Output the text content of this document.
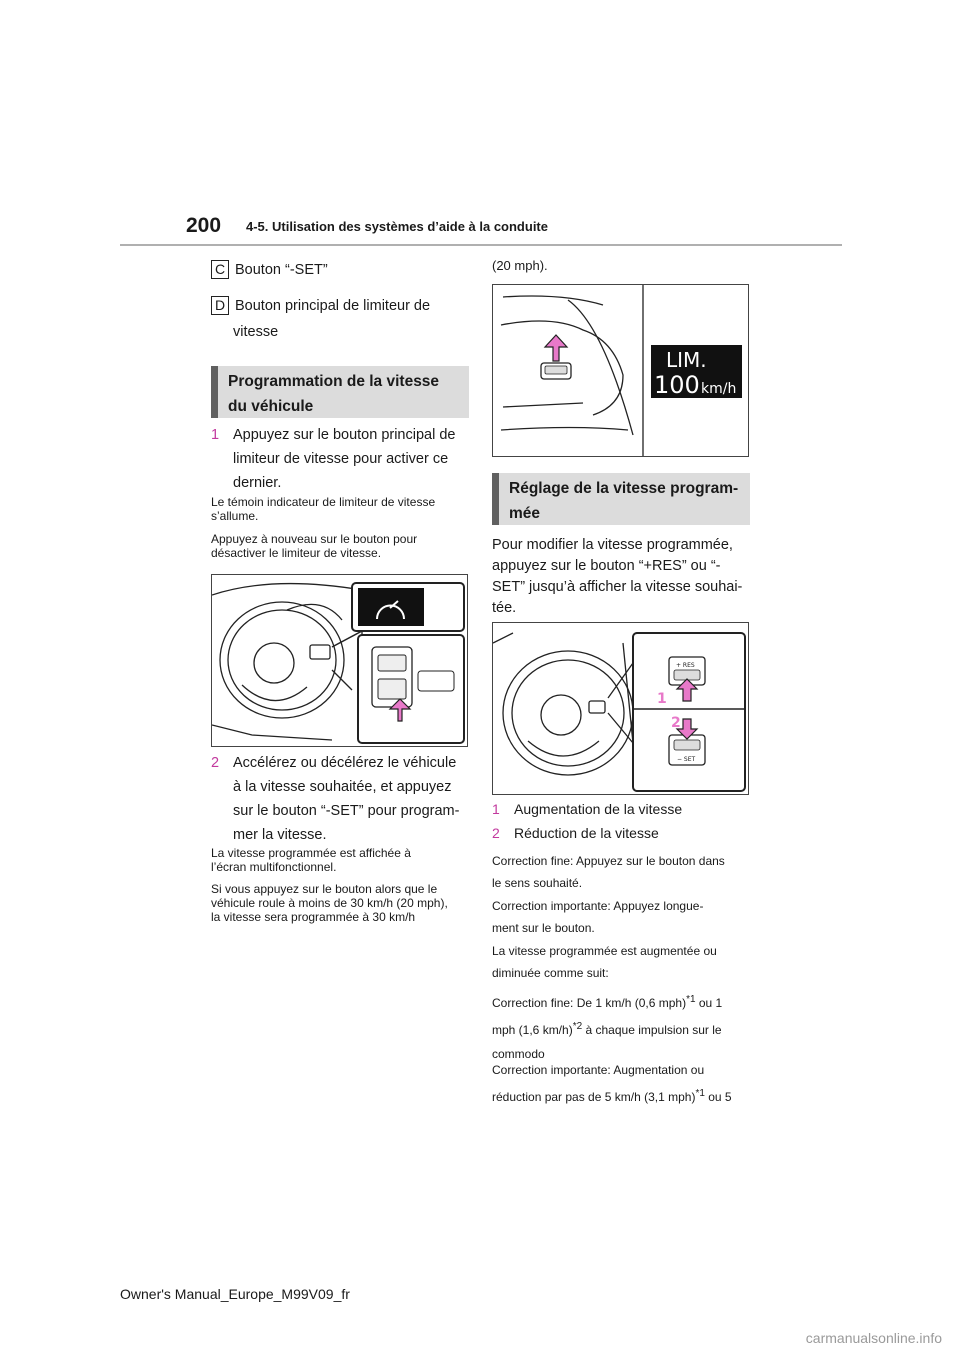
200 4-5. Utilisation des systèmes d’aide à la conduite
C Bouton “-SET”
D Bouton principal de limiteur de
vitesse
Programmation de la vitesse
du véhicule
1 Appuyez sur le bouton principal de
limiteur de vitesse pour activer ce
dernier.
Le témoin indicateur de limiteur de vitesse
s’allume.
Appuyez à nouveau sur le bouton pour
désactiver le limiteur de vitesse.
2 Accélérez ou décélérez le véhicule
à la vitesse souhaitée, et appuyez
sur le bouton “-SET” pour program-
mer la vitesse.
La vitesse programmée est affichée à
l’écran multifonctionnel.
Si vous appuyez sur le bouton alors que le
véhicule roule à moins de 30 km/h (20 mph),
la vitesse sera programmée à 30 km/h
(20 mph).
LIM.
100 km/h
Réglage de la vitesse program-
mée
Pour modifier la vitesse programmée,
appuyez sur le bouton “+RES” ou “-
SET” jusqu’à afficher la vitesse souhai-
tée.
+ RES
− SET
1
2
1	Augmentation de la vitesse
2	Réduction de la vitesse
Correction fine: Appuyez sur le bouton dans
le sens souhaité.
Correction importante: Appuyez longue-
ment sur le bouton.
La vitesse programmée est augmentée ou
diminuée comme suit:
Correction fine: De 1 km/h (0,6 mph)$^{*1}$ ou 1
mph (1,6 km/h)$^{*2}$ à chaque impulsion sur le
commodo
Correction importante: Augmentation ou
réduction par pas de 5 km/h (3,1 mph)$^{*1}$ ou 5
Owner's Manual_Europe_M99V09_fr
carmanualsonline.info
